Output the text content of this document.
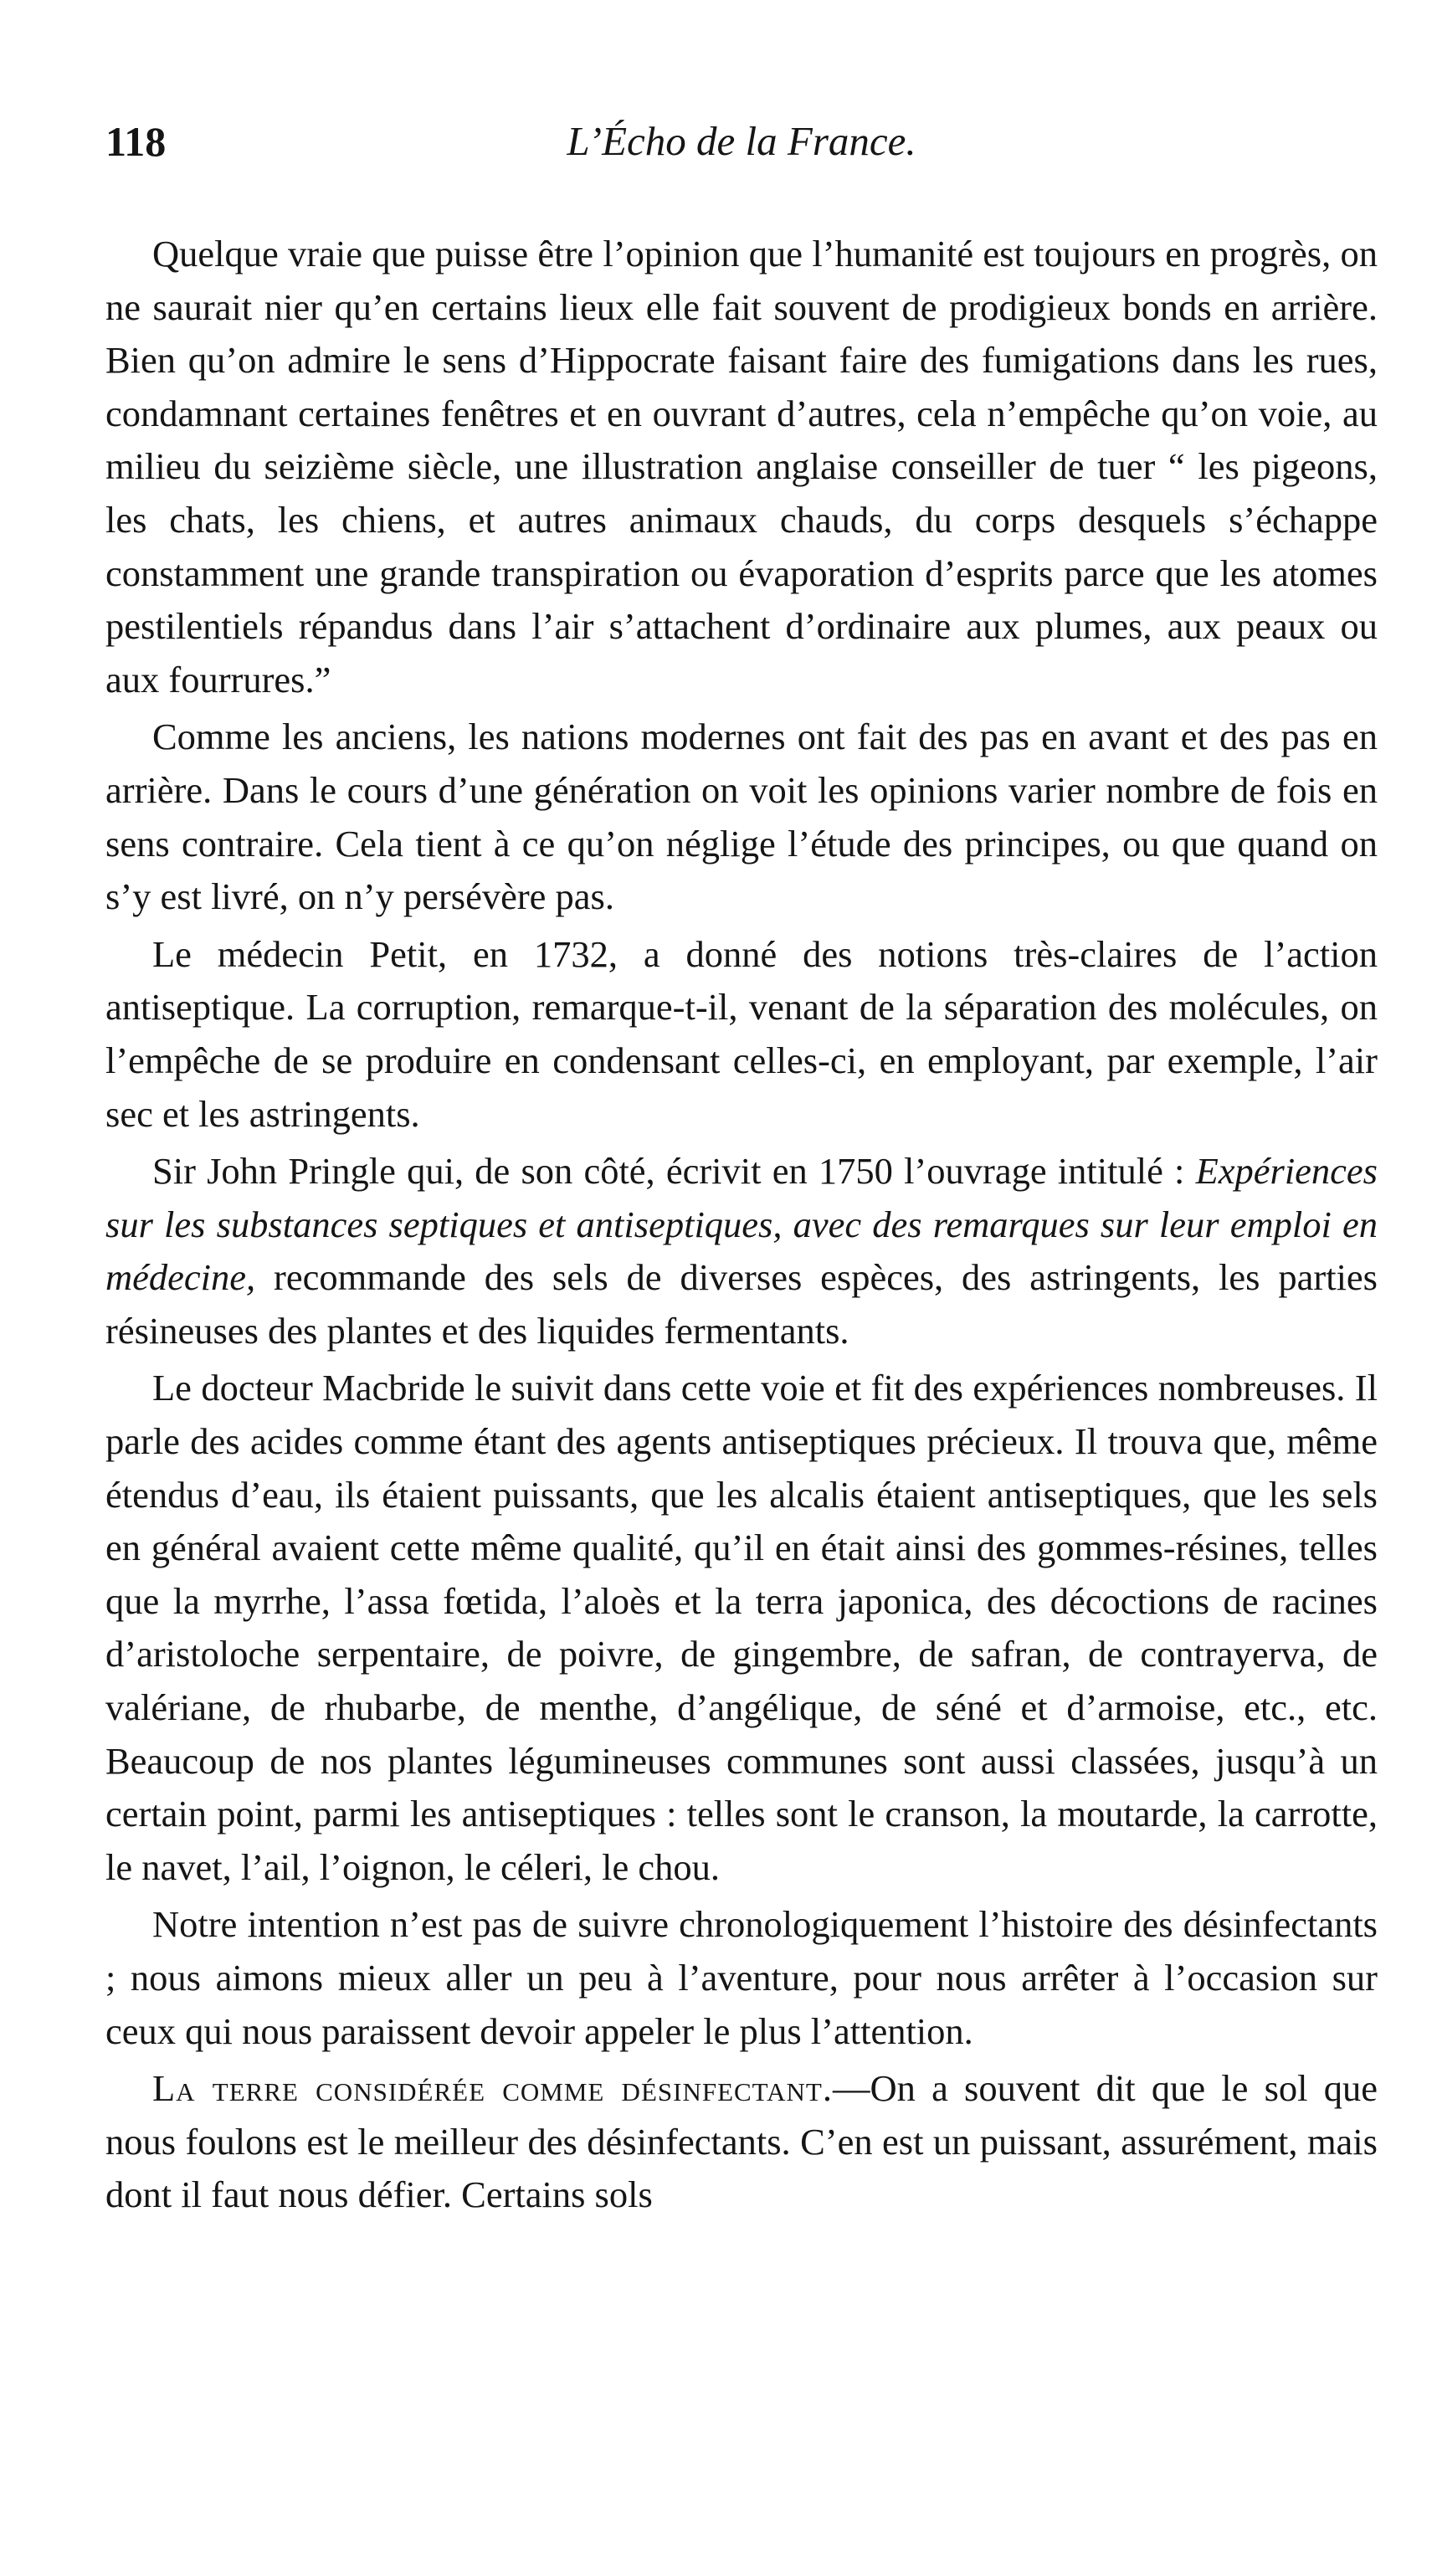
118	L’Écho de la France.

Quelque vraie que puisse être l’opinion que l’humanité est toujours en progrès, on ne saurait nier qu’en certains lieux elle fait souvent de prodigieux bonds en arrière. Bien qu’on admire le sens d’Hippocrate faisant faire des fumigations dans les rues, condamnant certaines fenêtres et en ouvrant d’autres, cela n’empêche qu’on voie, au milieu du seizième siècle, une illustration anglaise conseiller de tuer “ les pigeons, les chats, les chiens, et autres animaux chauds, du corps desquels s’échappe constamment une grande transpiration ou évaporation d’esprits parce que les atomes pestilentiels répandus dans l’air s’attachent d’ordinaire aux plumes, aux peaux ou aux fourrures.”

Comme les anciens, les nations modernes ont fait des pas en avant et des pas en arrière. Dans le cours d’une génération on voit les opinions varier nombre de fois en sens contraire. Cela tient à ce qu’on néglige l’étude des principes, ou que quand on s’y est livré, on n’y persévère pas.

Le médecin Petit, en 1732, a donné des notions très-claires de l’action antiseptique. La corruption, remarque-t-il, venant de la séparation des molécules, on l’empêche de se produire en condensant celles-ci, en employant, par exemple, l’air sec et les astringents.

Sir John Pringle qui, de son côté, écrivit en 1750 l’ouvrage intitulé : Expériences sur les substances septiques et antiseptiques, avec des remarques sur leur emploi en médecine, recommande des sels de diverses espèces, des astringents, les parties résineuses des plantes et des liquides fermentants.

Le docteur Macbride le suivit dans cette voie et fit des expériences nombreuses. Il parle des acides comme étant des agents antiseptiques précieux. Il trouva que, même étendus d’eau, ils étaient puissants, que les alcalis étaient antiseptiques, que les sels en général avaient cette même qualité, qu’il en était ainsi des gommes-résines, telles que la myrrhe, l’assa fœtida, l’aloès et la terra japonica, des décoctions de racines d’aristoloche serpentaire, de poivre, de gingembre, de safran, de contrayerva, de valériane, de rhubarbe, de menthe, d’angélique, de séné et d’armoise, etc., etc. Beaucoup de nos plantes légumineuses communes sont aussi classées, jusqu’à un certain point, parmi les antiseptiques : telles sont le cranson, la moutarde, la carrotte, le navet, l’ail, l’oignon, le céleri, le chou.

Notre intention n’est pas de suivre chronologiquement l’histoire des désinfectants ; nous aimons mieux aller un peu à l’aventure, pour nous arrêter à l’occasion sur ceux qui nous paraissent devoir appeler le plus l’attention.

La terre considérée comme désinfectant.—On a souvent dit que le sol que nous foulons est le meilleur des désinfectants. C’en est un puissant, assurément, mais dont il faut nous défier. Certains sols
